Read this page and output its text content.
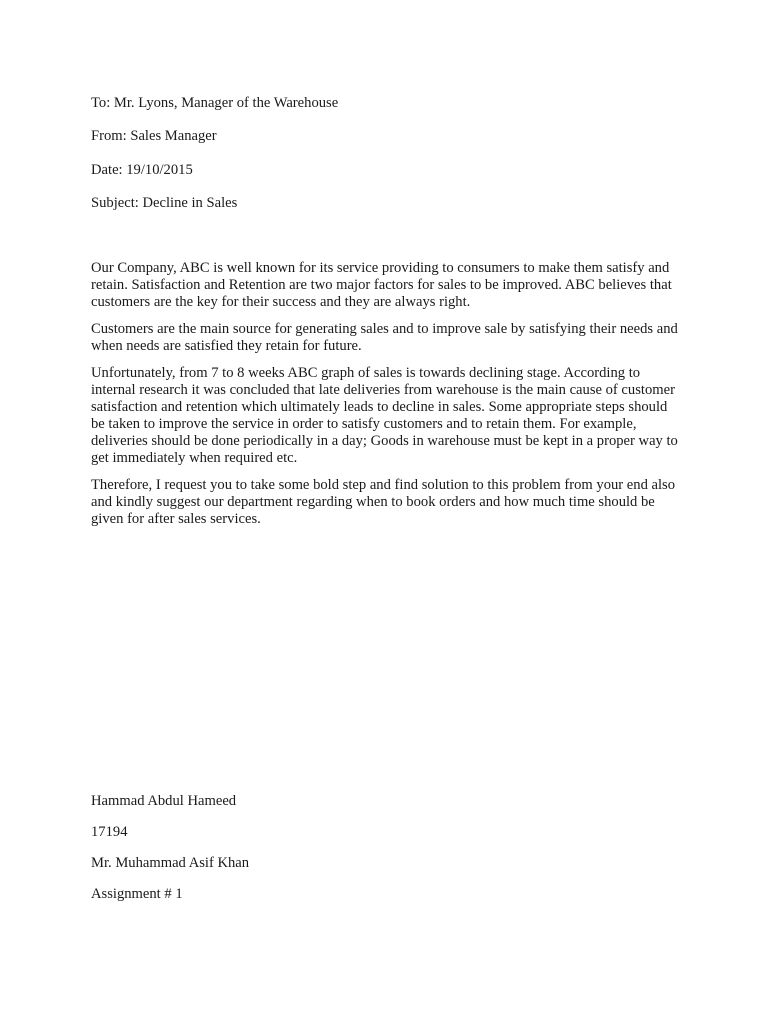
To: Mr. Lyons, Manager of the Warehouse

From: Sales Manager

Date: 19/10/2015

Subject: Decline in Sales

Our Company, ABC is well known for its service providing to consumers to make them satisfy and retain. Satisfaction and Retention are two major factors for sales to be improved. ABC believes that customers are the key for their success and they are always right.

Customers are the main source for generating sales and to improve sale by satisfying their needs and when needs are satisfied they retain for future.

Unfortunately, from 7 to 8 weeks ABC graph of sales is towards declining stage. According to internal research it was concluded that late deliveries from warehouse is the main cause of customer satisfaction and retention which ultimately leads to decline in sales. Some appropriate steps should be taken to improve the service in order to satisfy customers and to retain them. For example, deliveries should be done periodically in a day; Goods in warehouse must be kept in a proper way to get immediately when required etc.

Therefore, I request you to take some bold step and find solution to this problem from your end also and kindly suggest our department regarding when to book orders and how much time should be given for after sales services.

Hammad Abdul Hameed

17194

Mr. Muhammad Asif Khan

Assignment # 1
